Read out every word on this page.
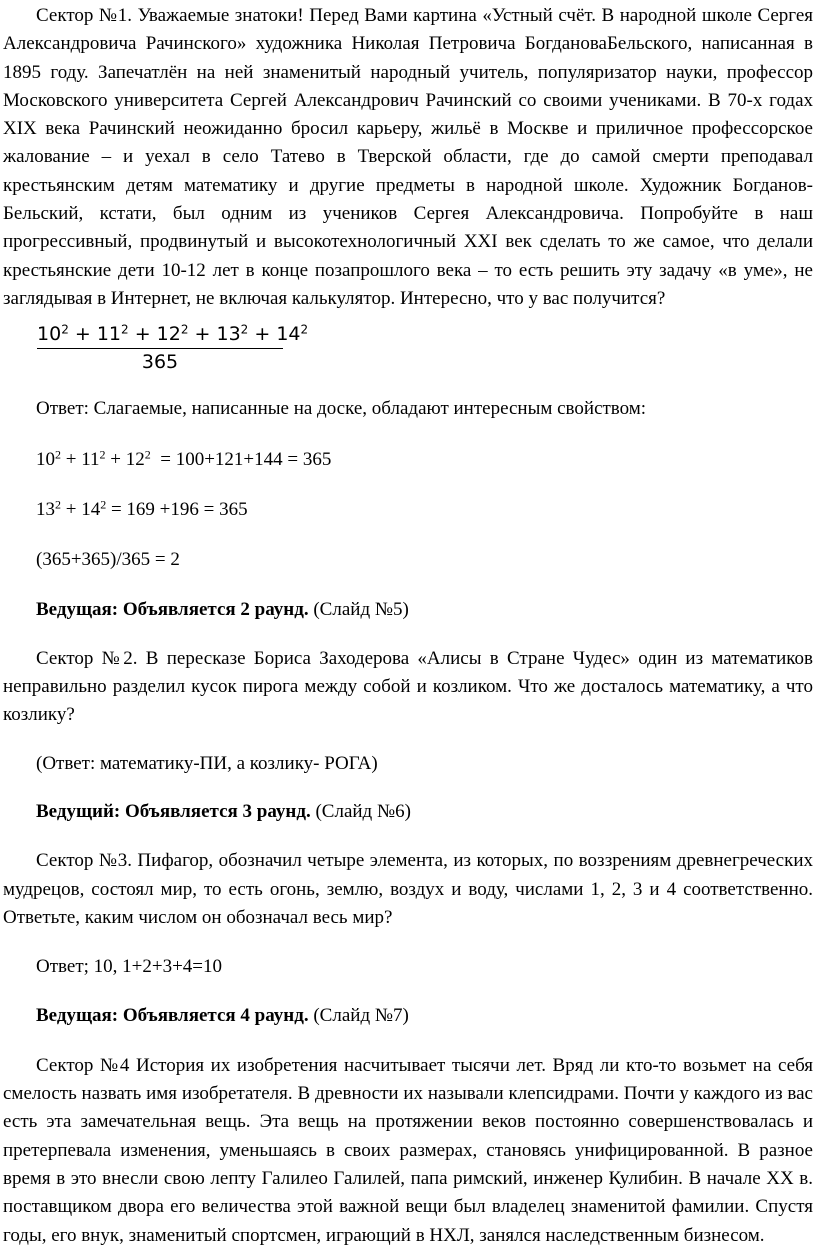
Сектор №1. Уважаемые знатоки! Перед Вами картина «Устный счёт. В народной школе Сергея Александровича Рачинского» художника Николая Петровича БогдановаБельского, написанная в 1895 году. Запечатлён на ней знаменитый народный учитель, популяризатор науки, профессор Московского университета Сергей Александрович Рачинский со своими учениками. В 70-х годах XIX века Рачинский неожиданно бросил карьеру, жильё в Москве и приличное профессорское жалование – и уехал в село Татево в Тверской области, где до самой смерти преподавал крестьянским детям математику и другие предметы в народной школе. Художник Богданов-Бельский, кстати, был одним из учеников Сергея Александровича. Попробуйте в наш прогрессивный, продвинутый и высокотехнологичный XXI век сделать то же самое, что делали крестьянские дети 10-12 лет в конце позапрошлого века – то есть решить эту задачу «в уме», не заглядывая в Интернет, не включая калькулятор. Интересно, что у вас получится?

$10^2 + 11^2 + 12^2 + 13^2 + 14^2$
365

Ответ: Слагаемые, написанные на доске, обладают интересным свойством:

$10^2 + 11^2 + 12^2 = 100+121+144 = 365$

$13^2 + 14^2 = 169 +196 = 365$

(365+365)/365 = 2

Ведущая: Объявляется 2 раунд. (Слайд №5)

Сектор №2. В пересказе Бориса Заходерова «Алисы в Стране Чудес» один из математиков неправильно разделил кусок пирога между собой и козликом. Что же досталось математику, а что козлику?

(Ответ: математику-ПИ, а козлику- РОГА)

Ведущий: Объявляется 3 раунд. (Слайд №6)

Сектор №3. Пифагор, обозначил четыре элемента, из которых, по воззрениям древнегреческих мудрецов, состоял мир, то есть огонь, землю, воздух и воду, числами 1, 2, 3 и 4 соответственно. Ответьте, каким числом он обозначал весь мир?

Ответ; 10, 1+2+3+4=10

Ведущая: Объявляется 4 раунд. (Слайд №7)

Сектор №4 История их изобретения насчитывает тысячи лет. Вряд ли кто-то возьмет на себя смелость назвать имя изобретателя. В древности их называли клепсидрами. Почти у каждого из вас есть эта замечательная вещь. Эта вещь на протяжении веков постоянно совершенствовалась и претерпевала изменения, уменьшаясь в своих размерах, становясь унифицированной. В разное время в это внесли свою лепту Галилео Галилей, папа римский, инженер Кулибин. В начале XX в. поставщиком двора его величества этой важной вещи был владелец знаменитой фамилии. Спустя годы, его внук, знаменитый спортсмен, играющий в НХЛ, занялся наследственным бизнесом.
